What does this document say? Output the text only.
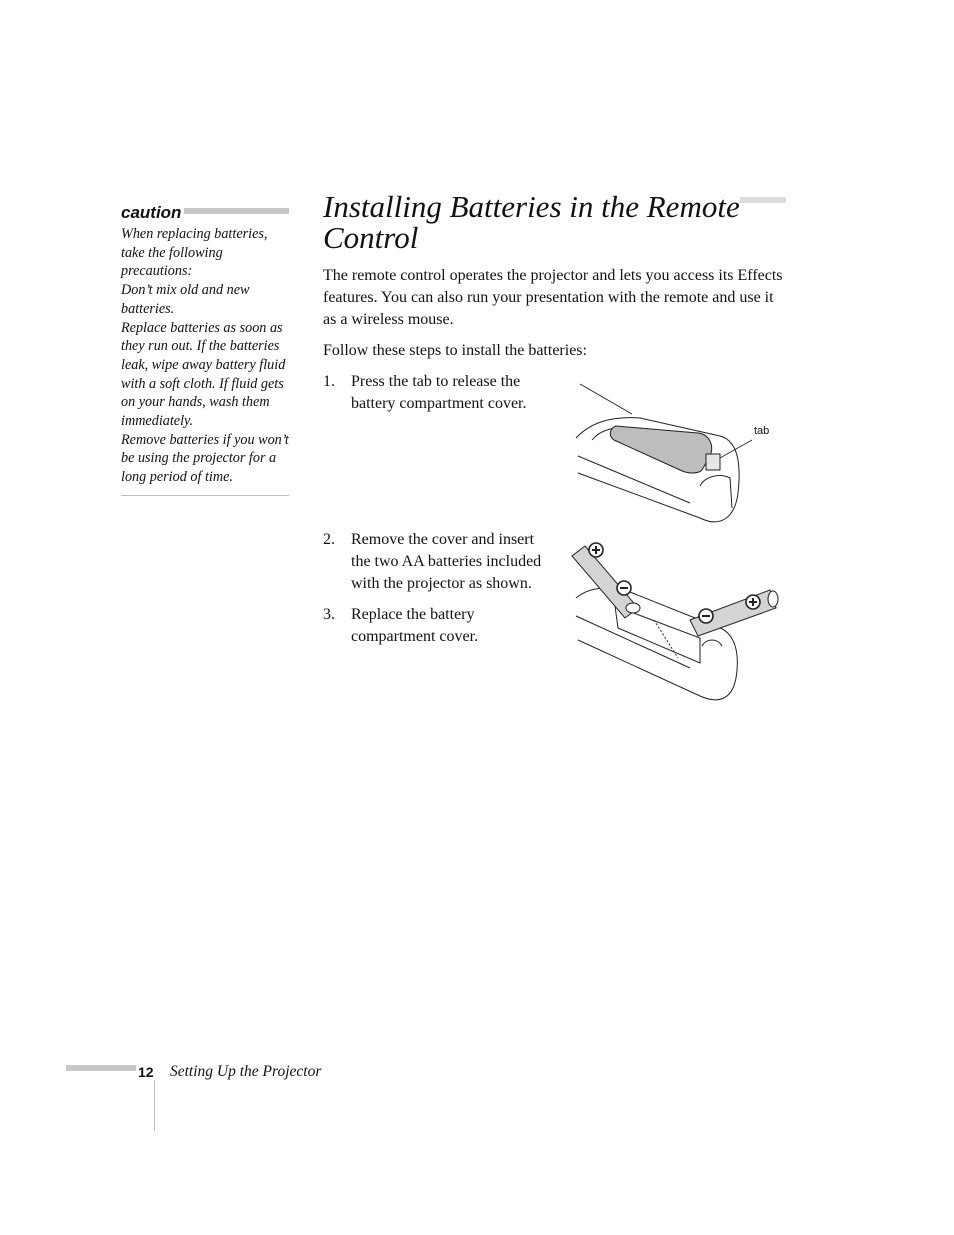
caution

When replacing batteries, take the following precautions:

Don’t mix old and new batteries.

Replace batteries as soon as they run out. If the batteries leak, wipe away battery fluid with a soft cloth. If fluid gets on your hands, wash them immediately.

Remove batteries if you won’t be using the projector for a long period of time.

Installing Batteries in the Remote Control

The remote control operates the projector and lets you access its Effects features. You can also run your presentation with the remote and use it as a wireless mouse.

Follow these steps to install the batteries:

1. Press the tab to release the battery compartment cover.
2. Remove the cover and insert the two AA batteries included with the projector as shown.
3. Replace the battery compartment cover.
tab
12 Setting Up the Projector
